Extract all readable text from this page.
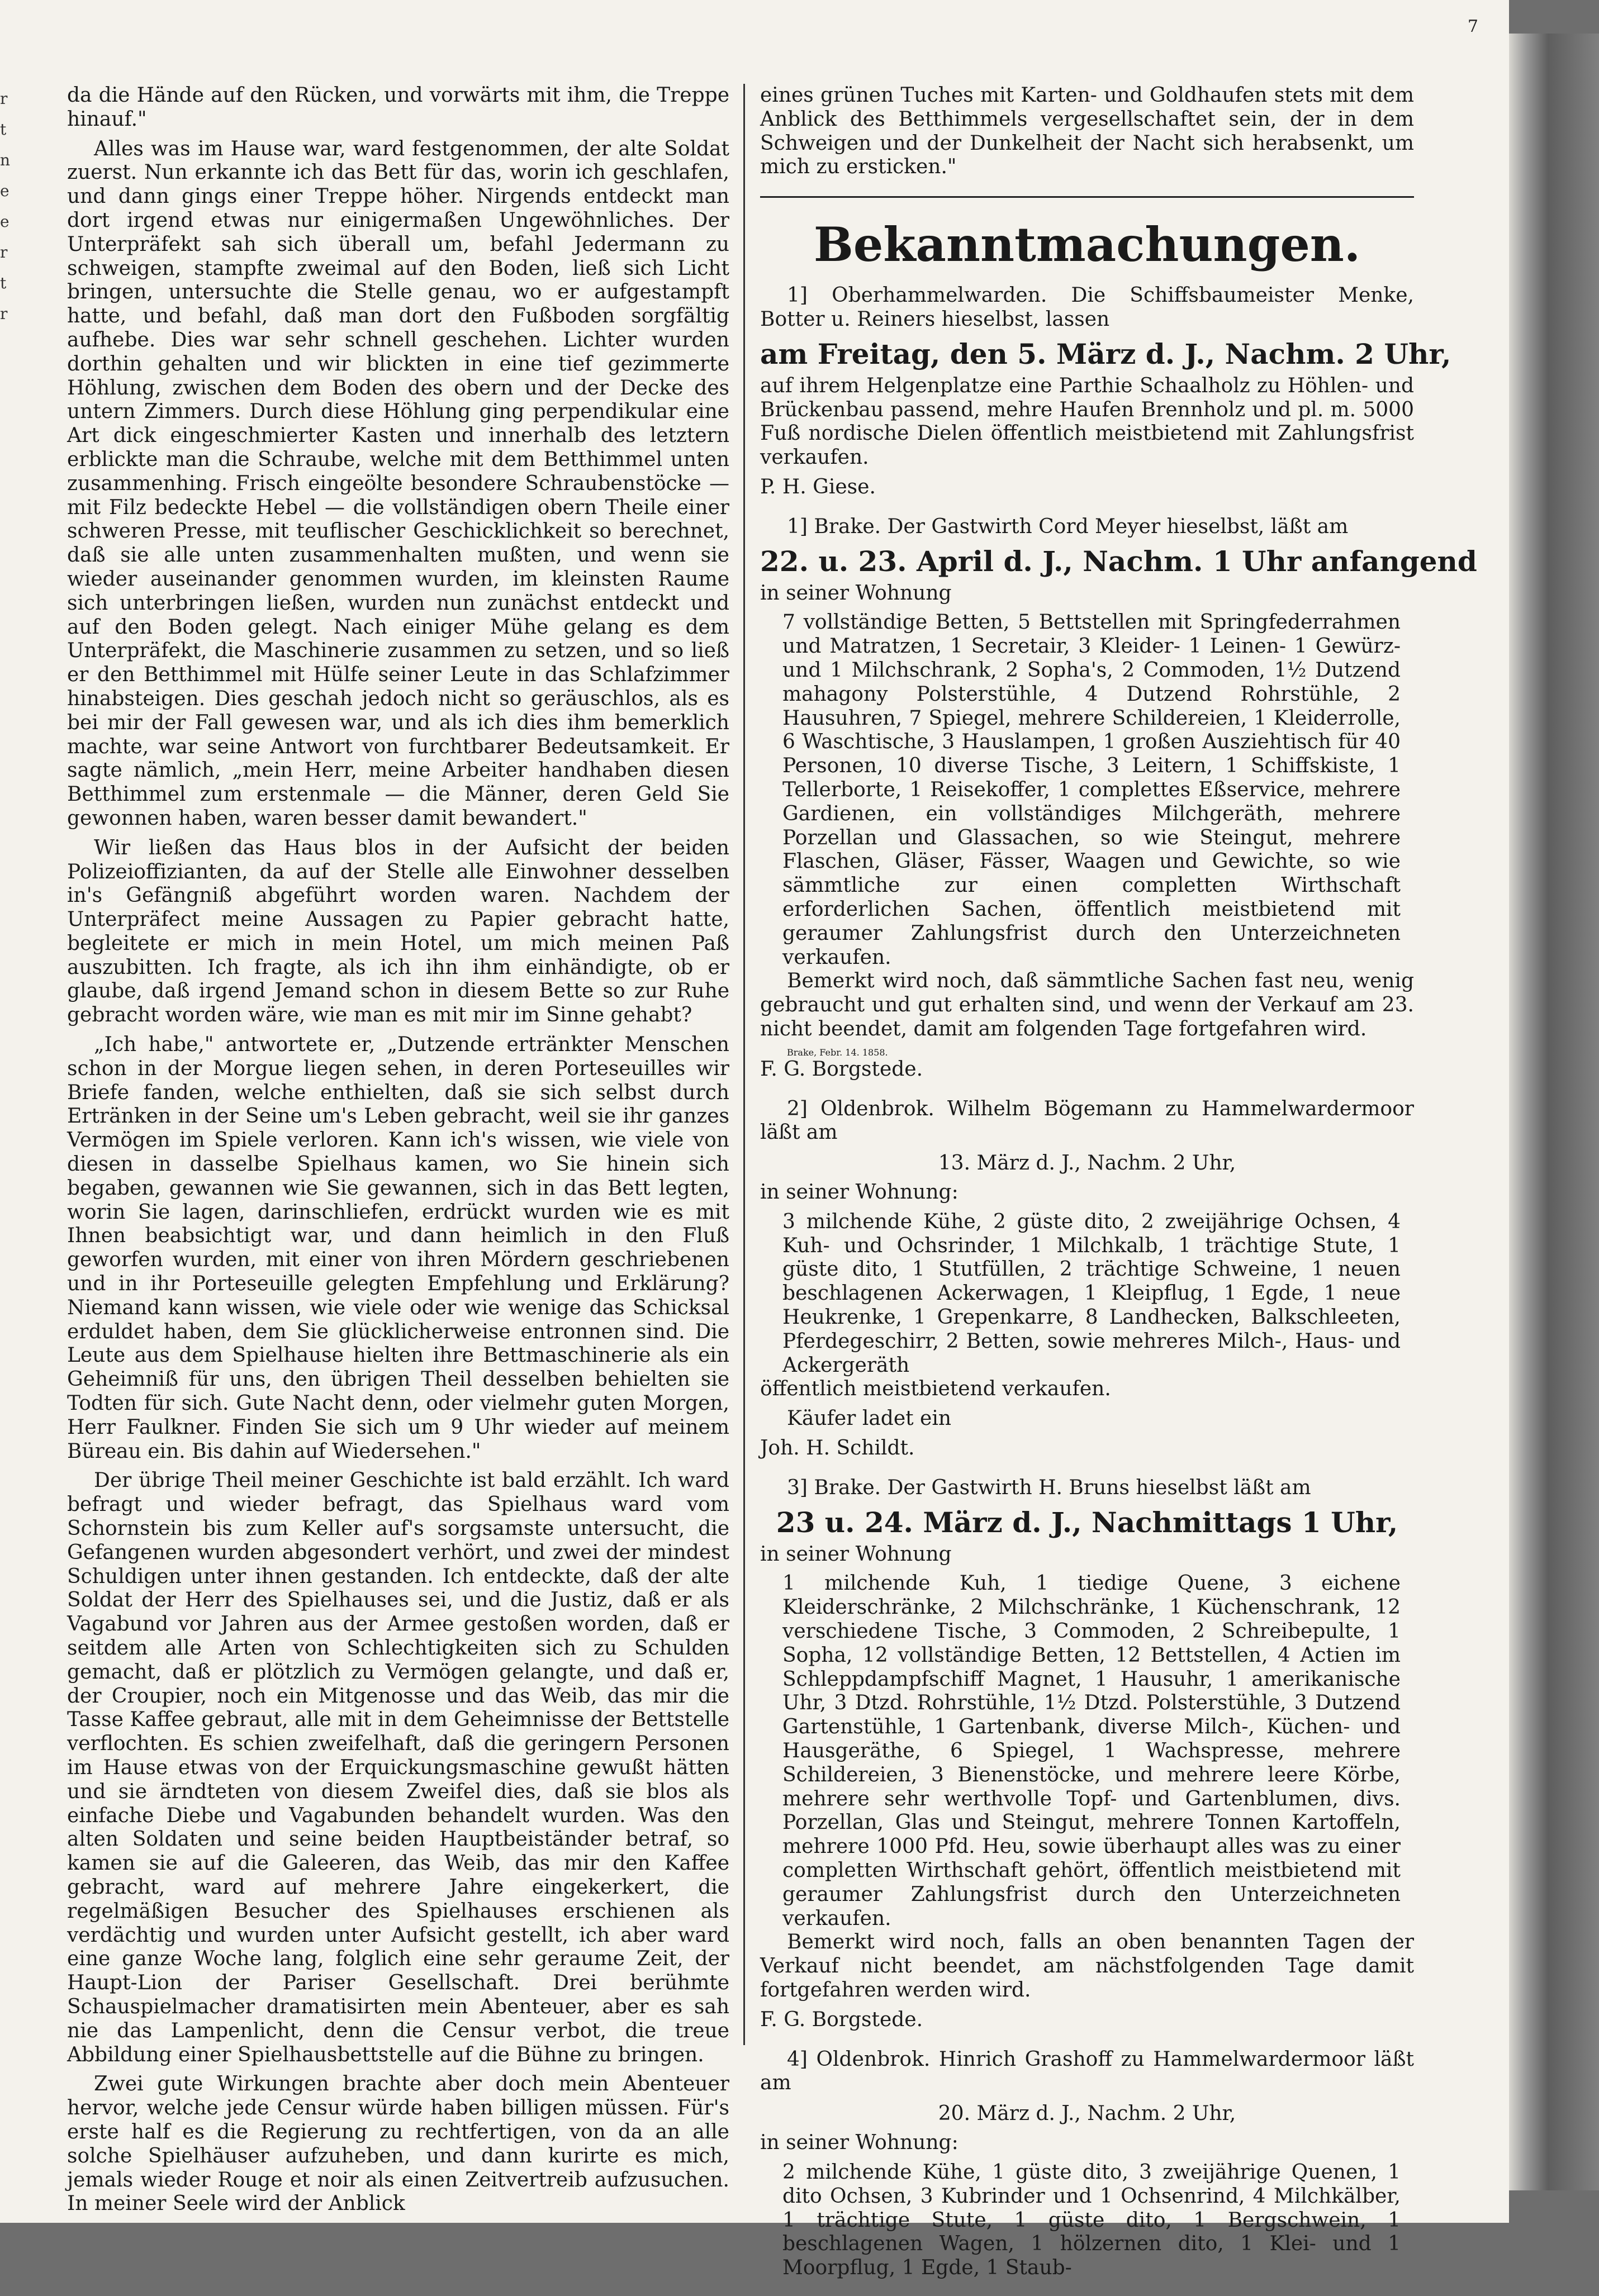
r
t
n
e
e
r
t
r

da die Hände auf den Rücken, und vorwärts mit ihm, die Treppe hinauf."

Alles was im Hause war, ward festgenommen, der alte Soldat zuerst. Nun erkannte ich das Bett für das, worin ich geschlafen, und dann gings einer Treppe höher. Nirgends entdeckt man dort irgend etwas nur einigermaßen Ungewöhnliches. Der Unterpräfekt sah sich überall um, befahl Jedermann zu schweigen, stampfte zweimal auf den Boden, ließ sich Licht bringen, untersuchte die Stelle genau, wo er aufgestampft hatte, und befahl, daß man dort den Fußboden sorgfältig aufhebe. Dies war sehr schnell geschehen. Lichter wurden dorthin gehalten und wir blickten in eine tief gezimmerte Höhlung, zwischen dem Boden des obern und der Decke des untern Zimmers. Durch diese Höhlung ging perpendikular eine Art dick eingeschmierter Kasten und innerhalb des letztern erblickte man die Schraube, welche mit dem Betthimmel unten zusammenhing. Frisch eingeölte besondere Schraubenstöcke — mit Filz bedeckte Hebel — die vollständigen obern Theile einer schweren Presse, mit teuflischer Geschicklichkeit so berechnet, daß sie alle unten zusammenhalten mußten, und wenn sie wieder auseinander genommen wurden, im kleinsten Raume sich unterbringen ließen, wurden nun zunächst entdeckt und auf den Boden gelegt. Nach einiger Mühe gelang es dem Unterpräfekt, die Maschinerie zusammen zu setzen, und so ließ er den Betthimmel mit Hülfe seiner Leute in das Schlafzimmer hinabsteigen. Dies geschah jedoch nicht so geräuschlos, als es bei mir der Fall gewesen war, und als ich dies ihm bemerklich machte, war seine Antwort von furchtbarer Bedeutsamkeit. Er sagte nämlich, „mein Herr, meine Arbeiter handhaben diesen Betthimmel zum erstenmale — die Männer, deren Geld Sie gewonnen haben, waren besser damit bewandert."

Wir ließen das Haus blos in der Aufsicht der beiden Polizeioffizianten, da auf der Stelle alle Einwohner desselben in's Gefängniß abgeführt worden waren. Nachdem der Unterpräfect meine Aussagen zu Papier gebracht hatte, begleitete er mich in mein Hotel, um mich meinen Paß auszubitten. Ich fragte, als ich ihn ihm einhändigte, ob er glaube, daß irgend Jemand schon in diesem Bette so zur Ruhe gebracht worden wäre, wie man es mit mir im Sinne gehabt?

„Ich habe," antwortete er, „Dutzende ertränkter Menschen schon in der Morgue liegen sehen, in deren Porteseuilles wir Briefe fanden, welche enthielten, daß sie sich selbst durch Ertränken in der Seine um's Leben gebracht, weil sie ihr ganzes Vermögen im Spiele verloren. Kann ich's wissen, wie viele von diesen in dasselbe Spielhaus kamen, wo Sie hinein sich begaben, gewannen wie Sie gewannen, sich in das Bett legten, worin Sie lagen, darinschliefen, erdrückt wurden wie es mit Ihnen beabsichtigt war, und dann heimlich in den Fluß geworfen wurden, mit einer von ihren Mördern geschriebenen und in ihr Porteseuille gelegten Empfehlung und Erklärung? Niemand kann wissen, wie viele oder wie wenige das Schicksal erduldet haben, dem Sie glücklicherweise entronnen sind. Die Leute aus dem Spielhause hielten ihre Bettmaschinerie als ein Geheimniß für uns, den übrigen Theil desselben behielten sie Todten für sich. Gute Nacht denn, oder vielmehr guten Morgen, Herr Faulkner. Finden Sie sich um 9 Uhr wieder auf meinem Büreau ein. Bis dahin auf Wiedersehen."

Der übrige Theil meiner Geschichte ist bald erzählt. Ich ward befragt und wieder befragt, das Spielhaus ward vom Schornstein bis zum Keller auf's sorgsamste untersucht, die Gefangenen wurden abgesondert verhört, und zwei der mindest Schuldigen unter ihnen gestanden. Ich entdeckte, daß der alte Soldat der Herr des Spielhauses sei, und die Justiz, daß er als Vagabund vor Jahren aus der Armee gestoßen worden, daß er seitdem alle Arten von Schlechtigkeiten sich zu Schulden gemacht, daß er plötzlich zu Vermögen gelangte, und daß er, der Croupier, noch ein Mitgenosse und das Weib, das mir die Tasse Kaffee gebraut, alle mit in dem Geheimnisse der Bettstelle verflochten. Es schien zweifelhaft, daß die geringern Personen im Hause etwas von der Erquickungsmaschine gewußt hätten und sie ärndteten von diesem Zweifel dies, daß sie blos als einfache Diebe und Vagabunden behandelt wurden. Was den alten Soldaten und seine beiden Hauptbeiständer betraf, so kamen sie auf die Galeeren, das Weib, das mir den Kaffee gebracht, ward auf mehrere Jahre eingekerkert, die regelmäßigen Besucher des Spielhauses erschienen als verdächtig und wurden unter Aufsicht gestellt, ich aber ward eine ganze Woche lang, folglich eine sehr geraume Zeit, der Haupt-Lion der Pariser Gesellschaft. Drei berühmte Schauspielmacher dramatisirten mein Abenteuer, aber es sah nie das Lampenlicht, denn die Censur verbot, die treue Abbildung einer Spielhausbettstelle auf die Bühne zu bringen.

Zwei gute Wirkungen brachte aber doch mein Abenteuer hervor, welche jede Censur würde haben billigen müssen. Für's erste half es die Regierung zu rechtfertigen, von da an alle solche Spielhäuser aufzuheben, und dann kurirte es mich, jemals wieder Rouge et noir als einen Zeitvertreib aufzusuchen. In meiner Seele wird der Anblick

eines grünen Tuches mit Karten- und Goldhaufen stets mit dem Anblick des Betthimmels vergesellschaftet sein, der in dem Schweigen und der Dunkelheit der Nacht sich herabsenkt, um mich zu ersticken."

Bekanntmachungen.

1] Oberhammelwarden. Die Schiffsbaumeister Menke, Botter u. Reiners hieselbst, lassen

am Freitag, den 5. März d. J., Nachm. 2 Uhr,

auf ihrem Helgenplatze eine Parthie Schaalholz zu Höhlen- und Brückenbau passend, mehre Haufen Brennholz und pl. m. 5000 Fuß nordische Dielen öffentlich meistbietend mit Zahlungsfrist verkaufen.

P. H. Giese.

1] Brake. Der Gastwirth Cord Meyer hieselbst, läßt am

22. u. 23. April d. J., Nachm. 1 Uhr anfangend

in seiner Wohnung

7 vollständige Betten, 5 Bettstellen mit Springfederrahmen und Matratzen, 1 Secretair, 3 Kleider- 1 Leinen- 1 Gewürz- und 1 Milchschrank, 2 Sopha's, 2 Commoden, 1½ Dutzend mahagony Polsterstühle, 4 Dutzend Rohrstühle, 2 Hausuhren, 7 Spiegel, mehrere Schildereien, 1 Kleiderrolle, 6 Waschtische, 3 Hauslampen, 1 großen Ausziehtisch für 40 Personen, 10 diverse Tische, 3 Leitern, 1 Schiffskiste, 1 Tellerborte, 1 Reisekoffer, 1 complettes Eßservice, mehrere Gardienen, ein vollständiges Milchgeräth, mehrere Porzellan und Glassachen, so wie Steingut, mehrere Flaschen, Gläser, Fässer, Waagen und Gewichte, so wie sämmtliche zur einen completten Wirthschaft erforderlichen Sachen, öffentlich meistbietend mit geraumer Zahlungsfrist durch den Unterzeichneten verkaufen.

Bemerkt wird noch, daß sämmtliche Sachen fast neu, wenig gebraucht und gut erhalten sind, und wenn der Verkauf am 23. nicht beendet, damit am folgenden Tage fortgefahren wird.

Brake, Febr. 14. 1858.

F. G. Borgstede.

2] Oldenbrok. Wilhelm Bögemann zu Hammelwardermoor läßt am

13. März d. J., Nachm. 2 Uhr,

in seiner Wohnung:

3 milchende Kühe, 2 güste dito, 2 zweijährige Ochsen, 4 Kuh- und Ochsrinder, 1 Milchkalb, 1 trächtige Stute, 1 güste dito, 1 Stutfüllen, 2 trächtige Schweine, 1 neuen beschlagenen Ackerwagen, 1 Kleipflug, 1 Egde, 1 neue Heukrenke, 1 Grepenkarre, 8 Landhecken, Balkschleeten, Pferdegeschirr, 2 Betten, sowie mehreres Milch-, Haus- und Ackergeräth

öffentlich meistbietend verkaufen.

Käufer ladet ein

Joh. H. Schildt.

3] Brake. Der Gastwirth H. Bruns hieselbst läßt am

23 u. 24. März d. J., Nachmittags 1 Uhr,

in seiner Wohnung

1 milchende Kuh, 1 tiedige Quene, 3 eichene Kleiderschränke, 2 Milchschränke, 1 Küchenschrank, 12 verschiedene Tische, 3 Commoden, 2 Schreibepulte, 1 Sopha, 12 vollständige Betten, 12 Bettstellen, 4 Actien im Schleppdampfschiff Magnet, 1 Hausuhr, 1 amerikanische Uhr, 3 Dtzd. Rohrstühle, 1½ Dtzd. Polsterstühle, 3 Dutzend Gartenstühle, 1 Gartenbank, diverse Milch-, Küchen- und Hausgeräthe, 6 Spiegel, 1 Wachspresse, mehrere Schildereien, 3 Bienenstöcke, und mehrere leere Körbe, mehrere sehr werthvolle Topf- und Gartenblumen, divs. Porzellan, Glas und Steingut, mehrere Tonnen Kartoffeln, mehrere 1000 Pfd. Heu, sowie überhaupt alles was zu einer completten Wirthschaft gehört, öffentlich meistbietend mit geraumer Zahlungsfrist durch den Unterzeichneten verkaufen.

Bemerkt wird noch, falls an oben benannten Tagen der Verkauf nicht beendet, am nächstfolgenden Tage damit fortgefahren werden wird.

F. G. Borgstede.

4] Oldenbrok. Hinrich Grashoff zu Hammelwardermoor läßt am

20. März d. J., Nachm. 2 Uhr,

in seiner Wohnung:

2 milchende Kühe, 1 güste dito, 3 zweijährige Quenen, 1 dito Ochsen, 3 Kubrinder und 1 Ochsenrind, 4 Milchkälber, 1 trächtige Stute, 1 güste dito, 1 Bergschwein, 1 beschlagenen Wagen, 1 hölzernen dito, 1 Klei- und 1 Moorpflug, 1 Egde, 1 Staub-

7
